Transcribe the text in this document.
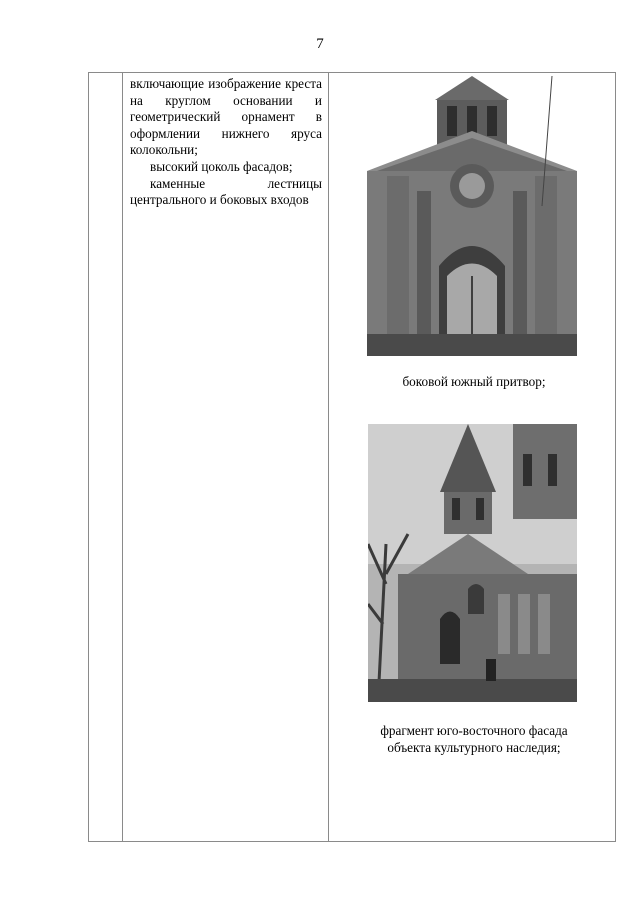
7

включающие изображение креста на круглом основании и геометрический орнамент в оформлении нижнего яруса колокольни;

высокий цоколь фасадов;

каменные лестницы центрального и боковых входов

боковой южный притвор;
фрагмент юго-восточного фасада
объекта культурного наследия;
